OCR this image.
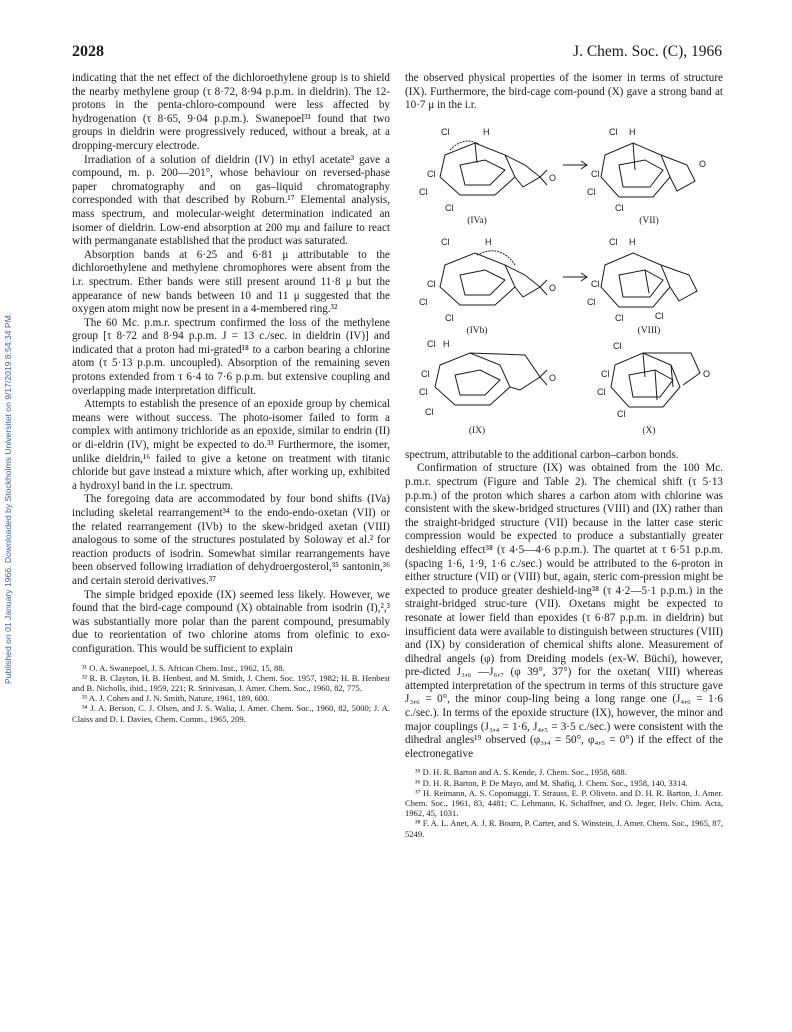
Published on 01 January 1966. Downloaded by Stockholms Universitet on 9/17/2019 8:54:34 PM.
2028	J. Chem. Soc. (C), 1966

indicating that the net effect of the dichloroethylene group is to shield the nearby methylene group (τ 8·72, 8·94 p.p.m. in dieldrin). The 12-protons in the penta-chloro-compound were less affected by hydrogenation (τ 8·65, 9·04 p.p.m.). Swanepoel³¹ found that two groups in dieldrin were progressively reduced, without a break, at a dropping-mercury electrode.

Irradiation of a solution of dieldrin (IV) in ethyl acetate³ gave a compound, m. p. 200—201°, whose behaviour on reversed-phase paper chromatography and on gas–liquid chromatography corresponded with that described by Roburn.¹⁷ Elemental analysis, mass spectrum, and molecular-weight determination indicated an isomer of dieldrin. Low-end absorption at 200 mμ and failure to react with permanganate established that the product was saturated.

Absorption bands at 6·25 and 6·81 μ attributable to the dichloroethylene and methylene chromophores were absent from the i.r. spectrum. Ether bands were still present around 11·8 μ but the appearance of new bands between 10 and 11 μ suggested that the oxygen atom might now be present in a 4-membered ring.³²

The 60 Mc. p.m.r. spectrum confirmed the loss of the methylene group [τ 8·72 and 8·94 p.p.m. J = 13 c./sec. in dieldrin (IV)] and indicated that a proton had mi-grated¹⁸ to a carbon bearing a chlorine atom (τ 5·13 p.p.m. uncoupled). Absorption of the remaining seven protons extended from τ 6·4 to 7·6 p.p.m. but extensive coupling and overlapping made interpretation difficult.

Attempts to establish the presence of an epoxide group by chemical means were without success. The photo-isomer failed to form a complex with antimony trichloride as an epoxide, similar to endrin (II) or di-eldrin (IV), might be expected to do.³³ Furthermore, the isomer, unlike dieldrin,¹⁶ failed to give a ketone on treatment with titanic chloride but gave instead a mixture which, after working up, exhibited a hydroxyl band in the i.r. spectrum.

The foregoing data are accommodated by four bond shifts (IVa) including skeletal rearrangement³⁴ to the endo-endo-oxetan (VII) or the related rearrangement (IVb) to the skew-bridged axetan (VIII) analogous to some of the structures postulated by Soloway et al.² for reaction products of isodrin. Somewhat similar rearrangements have been observed following irradiation of dehydroergosterol,³⁵ santonin,³⁶ and certain steroid derivatives.³⁷

The simple bridged epoxide (IX) seemed less likely. However, we found that the bird-cage compound (X) obtainable from isodrin (I),²,³ was substantially more polar than the parent compound, presumably due to reorientation of two chlorine atoms from olefinic to exo-configuration. This would be sufficient to explain

³¹ O. A. Swanepoel, J. S. African Chem. Inst., 1962, 15, 88.
³² R. B. Clayton, H. B. Henbest, and M. Smith, J. Chem. Soc. 1957, 1982; H. B. Henbest and B. Nicholls, ibid., 1959, 221; R. Srinivasan, J. Amer. Chem. Soc., 1960, 82, 775.
³³ A. J. Cohen and J. N. Smith, Nature, 1961, 189, 600.
³⁴ J. A. Berson, C. J. Olsen, and J. S. Walia, J. Amer. Chem. Soc., 1960, 82, 5000; J. A. Claiss and D. I. Davies, Chem. Comm., 1965, 209.

the observed physical properties of the isomer in terms of structure (IX). Furthermore, the bird-cage com-pound (X) gave a strong band at 10·7 μ in the i.r.

Cl	H
Cl
Cl
Cl
O
Cl H
Cl
Cl
Cl
O
Cl	H
Cl
Cl
Cl
O
Cl H
Cl
Cl
Cl	Cl
Cl H
Cl
Cl
Cl
O
Cl
Cl
Cl
Cl
O
(IVa)	(VII)
(IVb)	(VIII)
(IX)	(X)

spectrum, attributable to the additional carbon–carbon bonds.

Confirmation of structure (IX) was obtained from the 100 Mc. p.m.r. spectrum (Figure and Table 2). The chemical shift (τ 5·13 p.p.m.) of the proton which shares a carbon atom with chlorine was consistent with the skew-bridged structures (VIII) and (IX) rather than the straight-bridged structure (VII) because in the latter case steric compression would be expected to produce a substantially greater deshielding effect³⁸ (τ 4·5—4·6 p.p.m.). The quartet at τ 6·51 p.p.m. (spacing 1·6, 1·9, 1·6 c./sec.) would be attributed to the 6-proton in either structure (VII) or (VIII) but, again, steric com-pression might be expected to produce greater deshield-ing³⁸ (τ 4·2—5·1 p.p.m.) in the straight-bridged struc-ture (VII). Oxetans might be expected to resonate at lower field than epoxides (τ 6·87 p.p.m. in dieldrin) but insufficient data were available to distinguish between structures (VIII) and (IX) by consideration of chemical shifts alone. Measurement of dihedral angels (φ) from Dreiding models (ex-W. Büchi), however, pre-dicted J₃,₆ —J₆,₇ (φ 39°, 37°) for the oxetan( VIII) whereas attempted interpretation of the spectrum in terms of this structure gave J₃,₆ = 0°, the minor coup-ling being a long range one (J₄,₆ = 1·6 c./sec.). In terms of the epoxide structure (IX), however, the minor and major couplings (J₃,₄ = 1·6, J₄,₅ = 3·5 c./sec.) were consistent with the dihedral angles¹⁹ observed (φ₃,₄ = 50°, φ₄,₅ = 0°) if the effect of the electronegative

³⁵ D. H. R. Barton and A. S. Kende, J. Chem. Soc., 1958, 688.
³⁶ D. H. R. Barton, P. De Mayo, and M. Shafiq, J. Chem. Soc., 1958, 140, 3314.
³⁷ H. Reimann, A. S. Copomaggi, T. Strauss, E. P. Oliveto. and D. H. R. Barton, J. Amer. Chem. Soc., 1961, 83, 4481; C. Lehmann, K. Schaffner, and O. Jeger, Helv. Chim. Acta, 1962, 45, 1031.
³⁸ F. A. L. Anet, A. J. R. Bourn, P. Carter, and S. Winstein, J. Amer. Chem. Soc., 1965, 87, 5249.
